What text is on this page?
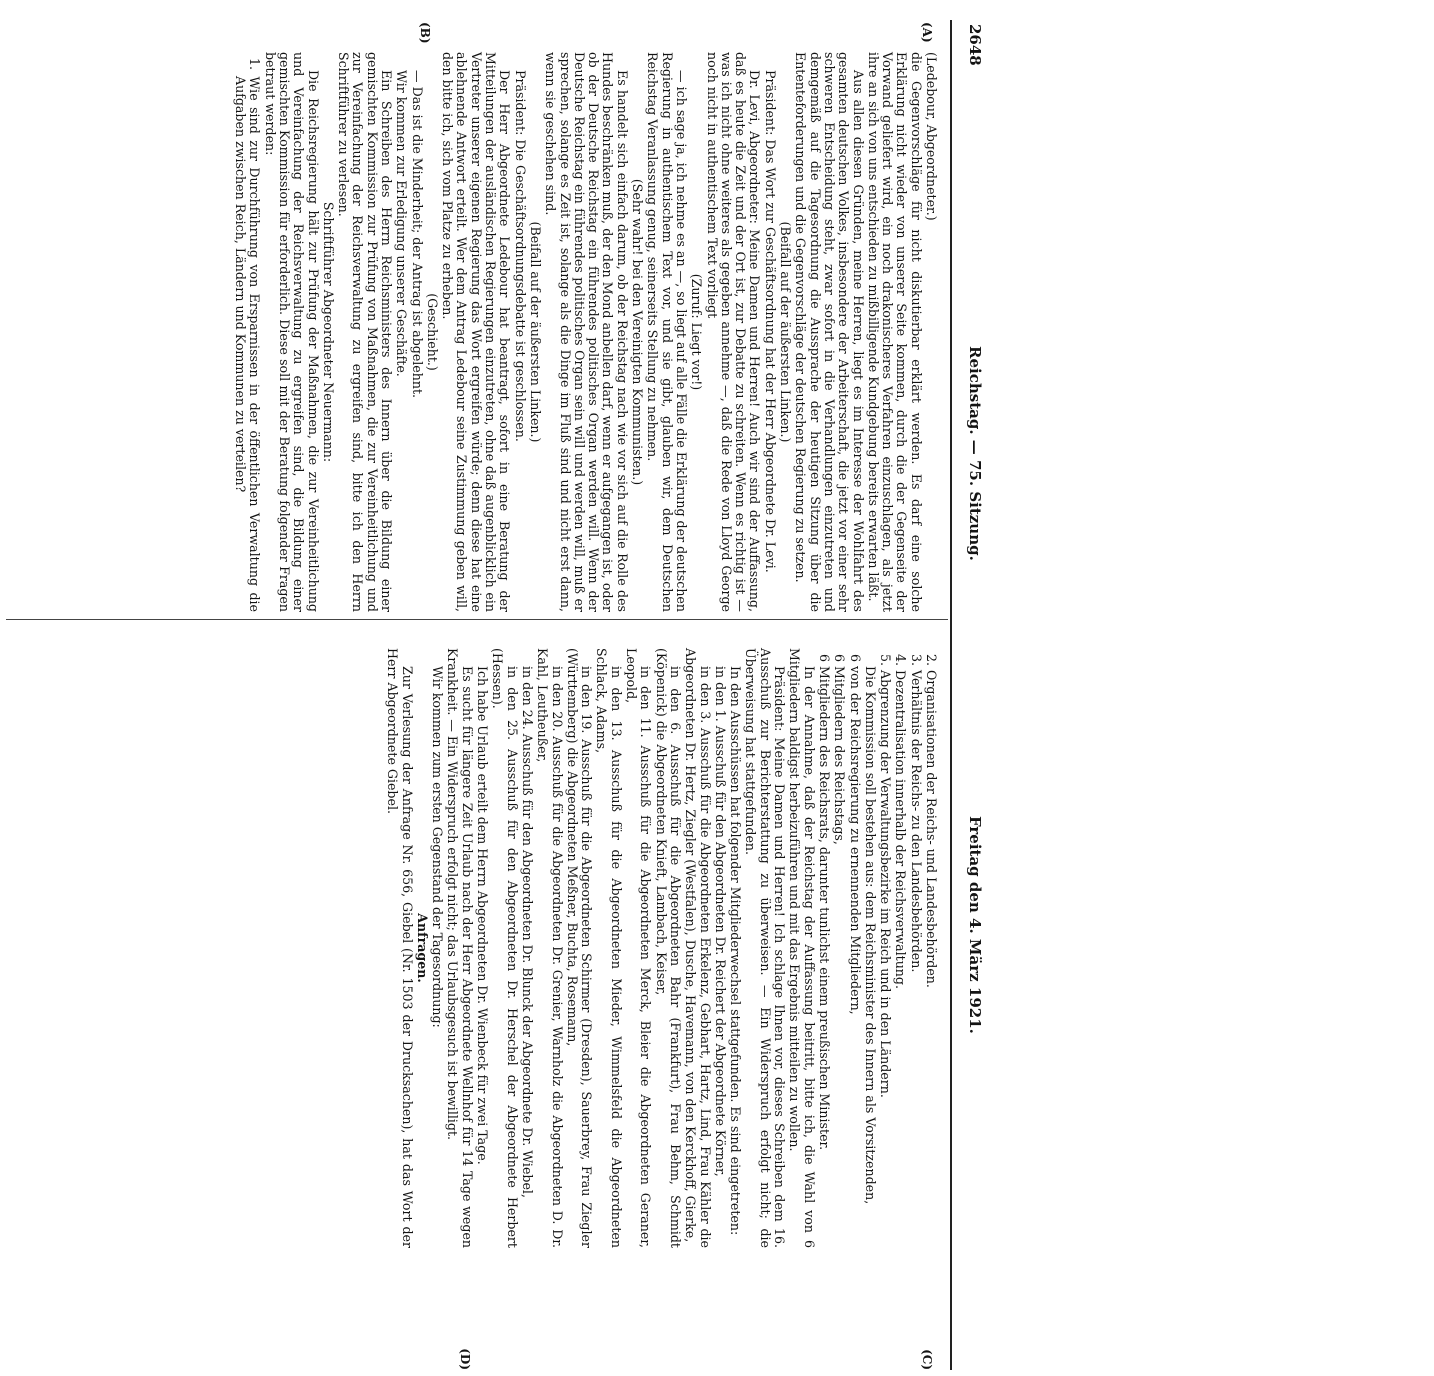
2648
Reichstag. — 75. Sitzung.
Freitag den 4. März 1921.
(A)
(B)
(C)
(D)

(Ledebour, Abgeordneter.)

die Gegenvorschläge für nicht diskutierbar erklärt werden. Es darf eine solche Erklärung nicht wieder von unserer Seite kommen, durch die der Gegenseite der Vorwand geliefert wird, ein noch drakonischeres Verfahren einzuschlagen, als jetzt ihre an sich von uns entschieden zu mißbilligende Kundgebung bereits erwarten läßt.

Aus allen diesen Gründen, meine Herren, liegt es im Interesse der Wohlfahrt des gesamten deutschen Volkes, insbesondere der Arbeiterschaft, die jetzt vor einer sehr schweren Entscheidung steht, zwar sofort in die Verhandlungen einzutreten und demgemäß auf die Tagesordnung die Aussprache der heutigen Sitzung über die Ententeforderungen und die Gegenvorschläge der deutschen Regierung zu setzen.

(Beifall auf der äußersten Linken.)

Präsident: Das Wort zur Geschäftsordnung hat der Herr Abgeordnete Dr. Levi.

Dr. Levi, Abgeordneter: Meine Damen und Herren! Auch wir sind der Auffassung, daß es heute die Zeit und der Ort ist, zur Debatte zu schreiten. Wenn es richtig ist — was ich nicht ohne weiteres als gegeben annehme —, daß die Rede von Lloyd George noch nicht in authentischem Text vorliegt

(Zuruf: Liegt vor!)

— ich sage ja, ich nehme es an —, so liegt auf alle Fälle die Erklärung der deutschen Regierung in authentischem Text vor, und sie gibt, glauben wir, dem Deutschen Reichstag Veranlassung genug, seinerseits Stellung zu nehmen.

(Sehr wahr! bei den Vereinigten Kommunisten.)

Es handelt sich einfach darum, ob der Reichstag nach wie vor sich auf die Rolle des Hundes beschränken muß, der den Mond anbellen darf, wenn er aufgegangen ist, oder ob der Deutsche Reichstag ein führendes politisches Organ werden will. Wenn der Deutsche Reichstag ein führendes politisches Organ sein will und werden will, muß er sprechen, solange es Zeit ist, solange als die Dinge im Fluß sind und nicht erst dann, wenn sie geschehen sind.

(Beifall auf der äußersten Linken.)

Präsident: Die Geschäftsordnungsdebatte ist geschlossen.

Der Herr Abgeordnete Ledebour hat beantragt, sofort in eine Beratung der Mitteilungen der ausländischen Regierungen einzutreten, ohne daß augenblicklich ein Vertreter unserer eigenen Regierung das Wort ergreifen würde; denn diese hat eine ablehnende Antwort erteilt. Wer dem Antrag Ledebour seine Zustimmung geben will, den bitte ich, sich vom Platze zu erheben.

(Geschieht.)

— Das ist die Minderheit; der Antrag ist abgelehnt.

Wir kommen zur Erledigung unserer Geschäfte.

Ein Schreiben des Herrn Reichsministers des Innern über die Bildung einer gemischten Kommission zur Prüfung von Maßnahmen, die zur Vereinheitlichung und zur Vereinfachung der Reichsverwaltung zu ergreifen sind, bitte ich den Herrn Schriftführer zu verlesen.

Schriftführer Abgeordneter Neuermann:

Die Reichsregierung hält zur Prüfung der Maßnahmen, die zur Vereinheitlichung und Vereinfachung der Reichsverwaltung zu ergreifen sind, die Bildung einer gemischten Kommission für erforderlich. Diese soll mit der Beratung folgender Fragen betraut werden:

1. Wie sind zur Durchführung von Ersparnissen in der öffentlichen Verwaltung die Aufgaben zwischen Reich, Ländern und Kommunen zu verteilen?

2. Organisationen der Reichs- und Landesbehörden.

3. Verhältnis der Reichs- zu den Landesbehörden.

4. Dezentralisation innerhalb der Reichsverwaltung.

5. Abgrenzung der Verwaltungsbezirke im Reich und in den Ländern.

Die Kommission soll bestehen aus: dem Reichsminister des Innern als Vorsitzenden,

6 von der Reichsregierung zu ernennenden Mitgliedern,

6 Mitgliedern des Reichstags,

6 Mitgliedern des Reichsrats, darunter tunlichst einem preußischen Minister.

In der Annahme, daß der Reichstag der Auffassung beitritt, bitte ich, die Wahl von 6 Mitgliedern baldigst herbeizuführen und mit das Ergebnis mitteilen zu wollen.

Präsident: Meine Damen und Herren! Ich schlage Ihnen vor, dieses Schreiben dem 16. Ausschuß zur Berichterstattung zu überweisen. — Ein Widerspruch erfolgt nicht; die Überweisung hat stattgefunden.

In den Ausschüssen hat folgender Mitgliederwechsel stattgefunden. Es sind eingetreten:

in den 1. Ausschuß für den Abgeordneten Dr. Reichert der Abgeordnete Körner,

in den 3. Ausschuß für die Abgeordneten Erkelenz, Gebhart, Hartz, Lind, Frau Kähler die Abgeordneten Dr. Hertz, Ziegler (Westfalen), Dusche, Havemann, von den Kerckhoff, Gierke,

in den 6. Ausschuß für die Abgeordneten Bahr (Frankfurt), Frau Behm, Schmidt (Köpenick) die Abgeordneten Knieft, Lambach, Keiser,

in den 11. Ausschuß für die Abgeordneten Merck, Bleier die Abgeordneten Geraner, Leopold,

in den 13. Ausschuß für die Abgeordneten Mieder, Wimmelsfeld die Abgeordneten Schlack, Adams,

in den 19. Ausschuß für die Abgeordneten Schirmer (Dresden), Sauerbrey, Frau Ziegler (Württemberg) die Abgeordneten Meßner, Buchta, Rosemann,

in den 20. Ausschuß für die Abgeordneten Dr. Grenier, Warnholz die Abgeordneten D. Dr. Kahl, Leutheußer,

in den 24. Ausschuß für den Abgeordneten Dr. Blunck der Abgeordnete Dr. Wiebel,

in den 25. Ausschuß für den Abgeordneten Dr. Herschel der Abgeordnete Herbert (Hessen).

Ich habe Urlaub erteilt dem Herrn Abgeordneten Dr. Wienbeck für zwei Tage.

Es sucht für längere Zeit Urlaub nach der Herr Abgeordnete Wellnhof für 14 Tage wegen Krankheit. — Ein Widerspruch erfolgt nicht; das Urlaubsgesuch ist bewilligt.

Wir kommen zum ersten Gegenstand der Tagesordnung:

Anfragen.

Zur Verlesung der Anfrage Nr. 656, Giebel (Nr. 1503 der Drucksachen), hat das Wort der Herr Abgeordnete Giebel.
